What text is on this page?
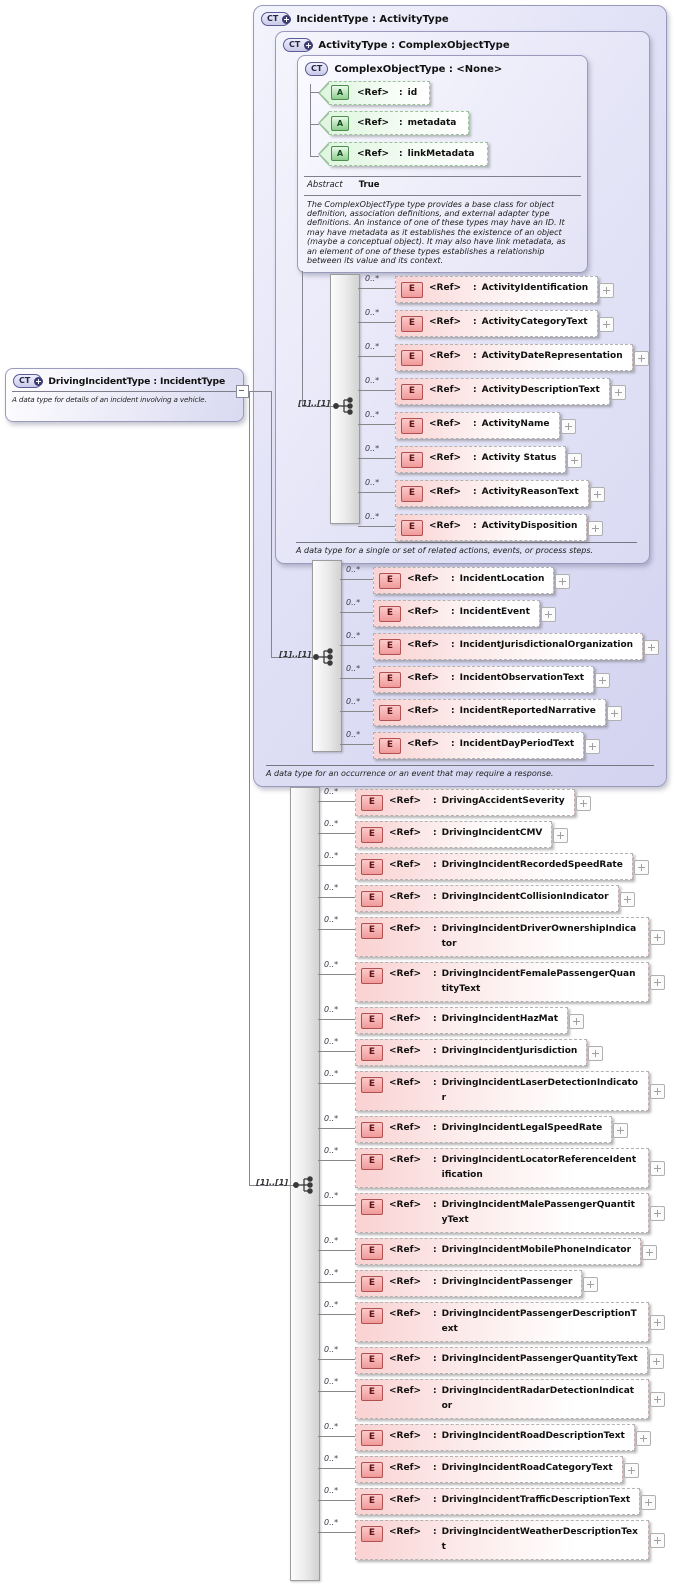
CT	IncidentType : ActivityType
A data type for an occurrence or an event that may require a response.
CT	ActivityType : ComplexObjectType
A data type for a single or set of related actions, events, or process steps.
CT	ComplexObjectType : <None>
A	<Ref>	: id
A	<Ref>	: metadata
A	<Ref>	: linkMetadata
Abstract True
The ComplexObjectType type provides a base class for object definition, association definitions, and external adapter type definitions. An instance of one of these types may have an ID. It may have metadata as it establishes the existence of an object (maybe a conceptual object). It may also have link metadata, as an element of one of these types establishes a relationship between its value and its context.
[1]..[1]
[1]..[1]
[1]..[1]
0..*
E	<Ref>	: ActivityIdentification
0..*
E	<Ref>	: ActivityCategoryText
0..*
E	<Ref>	: ActivityDateRepresentation
0..*
E	<Ref>	: ActivityDescriptionText
0..*
E	<Ref>	: ActivityName
0..*
E	<Ref>	: Activity Status
0..*
E	<Ref>	: ActivityReasonText
0..*
E	<Ref>	: ActivityDisposition
0..*
E	<Ref>	: IncidentLocation
0..*
E	<Ref>	: IncidentEvent
0..*
E	<Ref>	: IncidentJurisdictionalOrganization
0..*
E	<Ref>	: IncidentObservationText
0..*
E	<Ref>	: IncidentReportedNarrative
0..*
E	<Ref>	: IncidentDayPeriodText
0..*
E	<Ref>	: DrivingAccidentSeverity
0..*
E	<Ref>	: DrivingIncidentCMV
0..*
E	<Ref>	: DrivingIncidentRecordedSpeedRate
0..*
E	<Ref>	: DrivingIncidentCollisionIndicator
0..*
E	<Ref>	: DrivingIncidentDriverOwnershipIndicator
0..*
E	<Ref>	: DrivingIncidentFemalePassengerQuantityText
0..*
E	<Ref>	: DrivingIncidentHazMat
0..*
E	<Ref>	: DrivingIncidentJurisdiction
0..*
E	<Ref>	: DrivingIncidentLaserDetectionIndicator
0..*
E	<Ref>	: DrivingIncidentLegalSpeedRate
0..*
E	<Ref>	: DrivingIncidentLocatorReferenceIdentification
0..*
E	<Ref>	: DrivingIncidentMalePassengerQuantityText
0..*
E	<Ref>	: DrivingIncidentMobilePhoneIndicator
0..*
E	<Ref>	: DrivingIncidentPassenger
0..*
E	<Ref>	: DrivingIncidentPassengerDescriptionText
0..*
E	<Ref>	: DrivingIncidentPassengerQuantityText
0..*
E	<Ref>	: DrivingIncidentRadarDetectionIndicator
0..*
E	<Ref>	: DrivingIncidentRoadDescriptionText
0..*
E	<Ref>	: DrivingIncidentRoadCategoryText
0..*
E	<Ref>	: DrivingIncidentTrafficDescriptionText
0..*
E	<Ref>	: DrivingIncidentWeatherDescriptionText
CT	DrivingIncidentType : IncidentType
A data type for details of an incident involving a vehicle.
